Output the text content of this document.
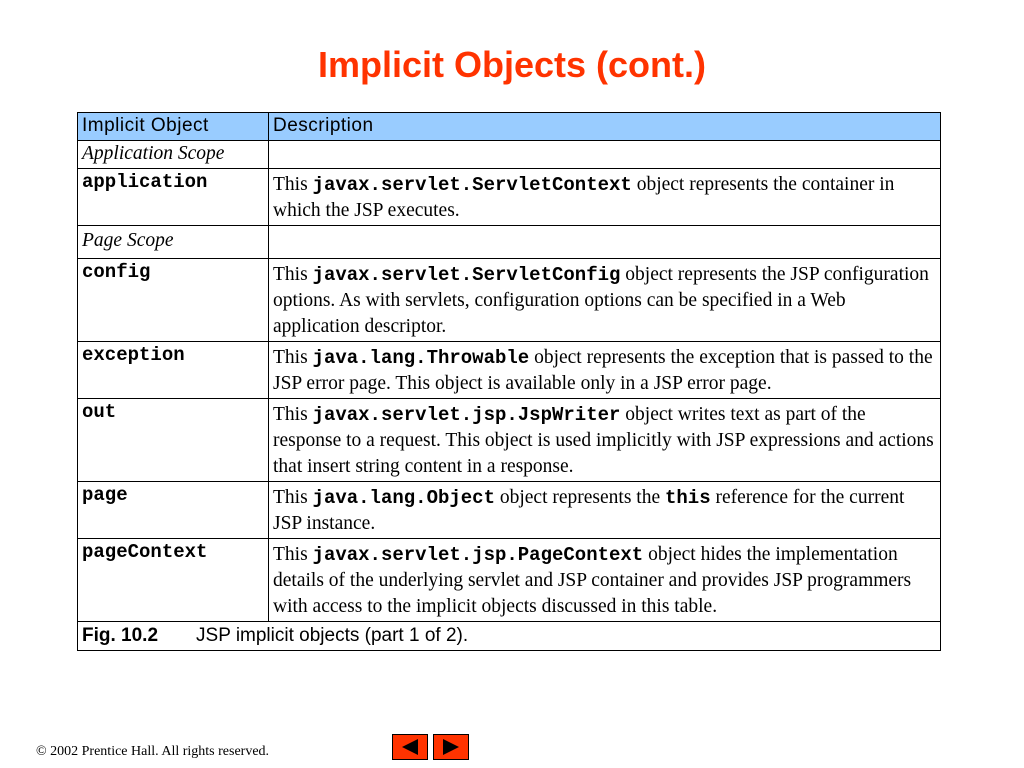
Implicit Objects (cont.)
Implicit Object	Description
Application Scope	
application	This javax.servlet.ServletContext object represents the container in which the JSP executes.
Page Scope	
config	This javax.servlet.ServletConfig object represents the JSP configuration options. As with servlets, configuration options can be specified in a Web application descriptor.
exception	This java.lang.Throwable object represents the exception that is passed to the JSP error page. This object is available only in a JSP error page.
out	This javax.servlet.jsp.JspWriter object writes text as part of the response to a request. This object is used implicitly with JSP expressions and actions that insert string content in a response.
page	This java.lang.Object object represents the this reference for the current JSP instance.
pageContext	This javax.servlet.jsp.PageContext object hides the implementation details of the underlying servlet and JSP container and provides JSP programmers with access to the implicit objects discussed in this table.
Fig. 10.2 JSP implicit objects (part 1 of 2).	
© 2002 Prentice Hall. All rights reserved.
